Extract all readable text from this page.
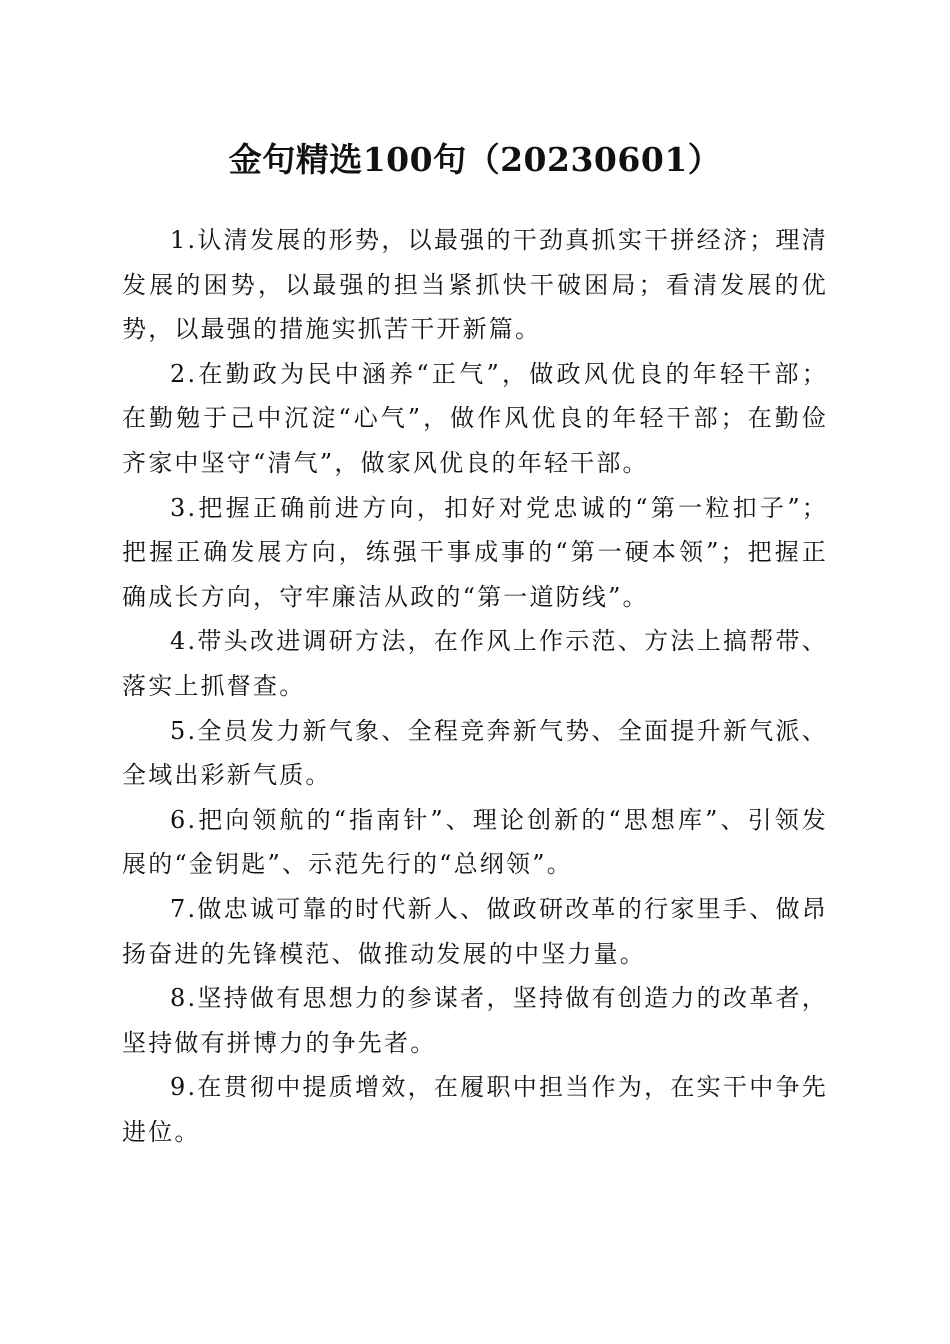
金句精选100句（20230601）

1.认清发展的形势，以最强的干劲真抓实干拼经济；理清发展的困势，以最强的担当紧抓快干破困局；看清发展的优势，以最强的措施实抓苦干开新篇。

2.在勤政为民中涵养“正气”，做政风优良的年轻干部；在勤勉于己中沉淀“心气”，做作风优良的年轻干部；在勤俭齐家中坚守“清气”，做家风优良的年轻干部。

3.把握正确前进方向，扣好对党忠诚的“第一粒扣子”；把握正确发展方向，练强干事成事的“第一硬本领”；把握正确成长方向，守牢廉洁从政的“第一道防线”。

4.带头改进调研方法，在作风上作示范、方法上搞帮带、落实上抓督查。

5.全员发力新气象、全程竞奔新气势、全面提升新气派、全域出彩新气质。

6.把向领航的“指南针”、理论创新的“思想库”、引领发展的“金钥匙”、示范先行的“总纲领”。

7.做忠诚可靠的时代新人、做政研改革的行家里手、做昂扬奋进的先锋模范、做推动发展的中坚力量。

8.坚持做有思想力的参谋者，坚持做有创造力的改革者，坚持做有拼博力的争先者。

9.在贯彻中提质增效，在履职中担当作为，在实干中争先进位。
